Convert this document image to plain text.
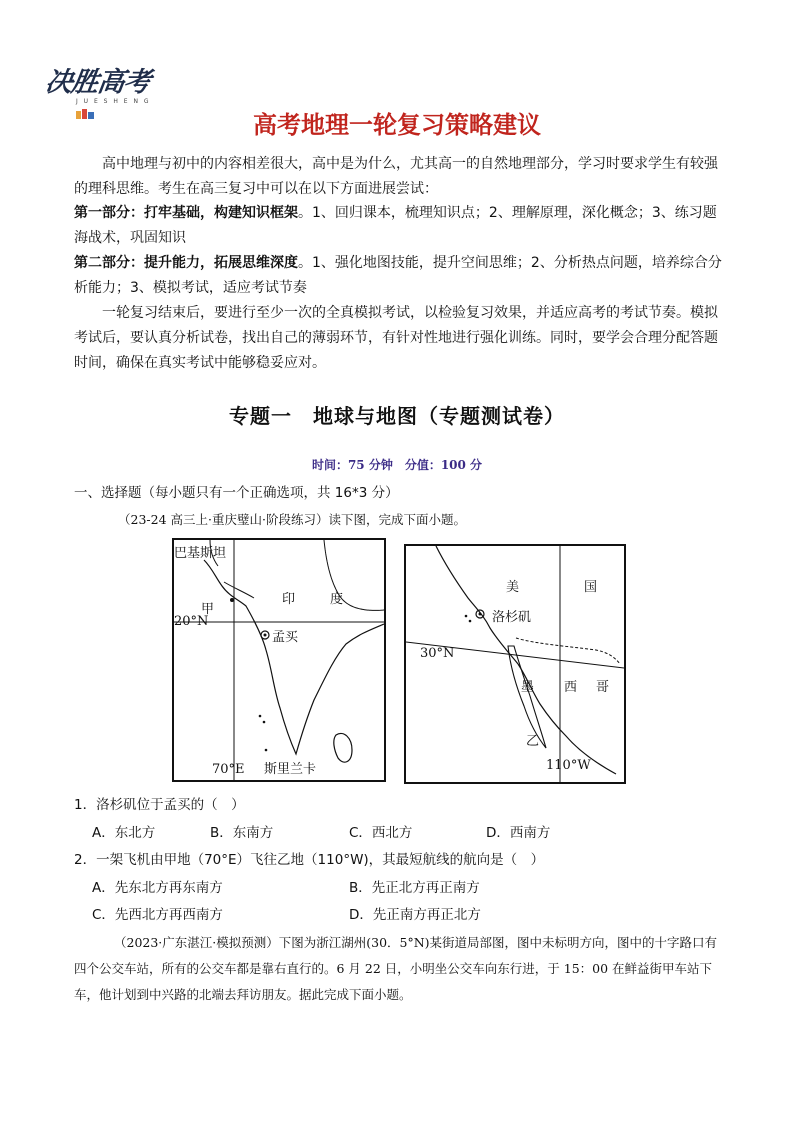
决胜高考
J U E S H E N G
高考地理一轮复习策略建议
高中地理与初中的内容相差很大，高中是为什么，尤其高一的自然地理部分，学习时要求学生有较强的理科思维。考生在高三复习中可以在以下方面进展尝试：
第一部分：打牢基础，构建知识框架。1、回归课本，梳理知识点；2、理解原理，深化概念；3、练习题海战术，巩固知识
第二部分：提升能力，拓展思维深度。1、强化地图技能，提升空间思维；2、分析热点问题，培养综合分析能力；3、模拟考试，适应考试节奏
一轮复习结束后，要进行至少一次的全真模拟考试，以检验复习效果，并适应高考的考试节奏。模拟考试后，要认真分析试卷，找出自己的薄弱环节，有针对性地进行强化训练。同时，要学会合理分配答题时间，确保在真实考试中能够稳妥应对。
专题一　地球与地图（专题测试卷）
时间：75 分钟　分值：100 分
一、选择题（每小题只有一个正确选项，共 16*3 分）
（23-24 高三上·重庆璧山·阶段练习）读下图，完成下面小题。
巴基斯坦
印	度
甲
20°N
孟买
70°E 斯里兰卡
美	国
洛杉矶
30°N
墨 西 哥
乙
110°W
1．洛杉矶位于孟买的（　）
A．东北方	B．东南方	C．西北方	D．西南方
2．一架飞机由甲地（70°E）飞往乙地（110°W)，其最短航线的航向是（　）
A．先东北方再东南方	B．先正北方再正南方
C．先西北方再西南方	D．先正南方再正北方
（2023·广东湛江·模拟预测）下图为浙江湖州(30．5°N)某街道局部图，图中未标明方向，图中的十字路口有四个公交车站，所有的公交车都是靠右直行的。6 月 22 日，小明坐公交车向东行进，于 15：00 在鲜益街甲车站下车，他计划到中兴路的北端去拜访朋友。据此完成下面小题。
